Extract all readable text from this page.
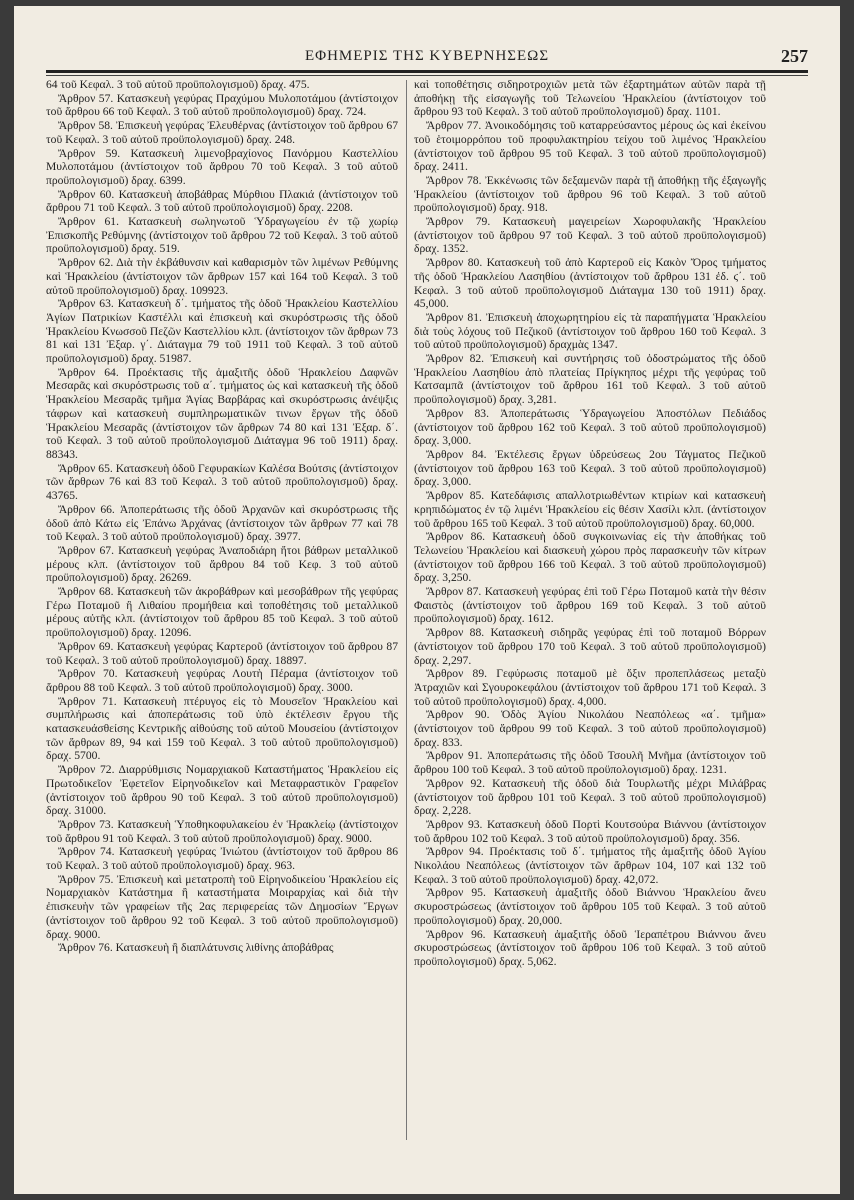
ΕΦΗΜΕΡΙΣ ΤΗΣ ΚΥΒΕΡΝΗΣΕΩΣ	257

64 τοῦ Κεφαλ. 3 τοῦ αὐτοῦ προϋπολογισμοῦ) δραχ. 475.

Ἄρθρον 57. Κατασκευὴ γεφύρας Πραχύμου Μυλοποτάμου (ἀντίστοιχον τοῦ ἄρθρου 66 τοῦ Κεφαλ. 3 τοῦ αὐτοῦ προϋπολογισμοῦ) δραχ. 724.

Ἄρθρον 58. Ἐπισκευὴ γεφύρας Ἐλευθέρνας (ἀντίστοιχον τοῦ ἄρθρου 67 τοῦ Κεφαλ. 3 τοῦ αὐτοῦ προϋπολογισμοῦ) δραχ. 248.

Ἄρθρον 59. Κατασκευὴ λιμενοβραχίονος Πανόρμου Καστελλίου Μυλοποτάμου (ἀντίστοιχον τοῦ ἄρθρου 70 τοῦ Κεφαλ. 3 τοῦ αὐτοῦ προϋπολογισμοῦ) δραχ. 6399.

Ἄρθρον 60. Κατασκευὴ ἀποβάθρας Μύρθιου Πλακιά (ἀντίστοιχον τοῦ ἄρθρου 71 τοῦ Κεφαλ. 3 τοῦ αὐτοῦ προϋπολογισμοῦ) δραχ. 2208.

Ἄρθρον 61. Κατασκευὴ σωληνωτοῦ Ὑδραγωγείου ἐν τῷ χωρίῳ Ἐπισκοπῆς Ρεθύμνης (ἀντίστοιχον τοῦ ἄρθρου 72 τοῦ Κεφαλ. 3 τοῦ αὐτοῦ προϋπολογισμοῦ) δραχ. 519.

Ἄρθρον 62. Διὰ τὴν ἐκβάθυνσιν καὶ καθαρισμὸν τῶν λιμένων Ρεθύμνης καὶ Ἡρακλείου (ἀντίστοιχον τῶν ἄρθρων 157 καὶ 164 τοῦ Κεφαλ. 3 τοῦ αὐτοῦ προϋπολογισμοῦ) δραχ. 109923.

Ἄρθρον 63. Κατασκευὴ δ΄. τμήματος τῆς ὁδοῦ Ἡρακλείου Καστελλίου Ἁγίων Πατρικίων Καστέλλι καὶ ἐπισκευὴ καὶ σκυρόστρωσις τῆς ὁδοῦ Ἡρακλείου Κνωσσοῦ Πεζῶν Καστελλίου κλπ. (ἀντίστοιχον τῶν ἄρθρων 73 81 καὶ 131 Ἐξαρ. γ΄. Διάταγμα 79 τοῦ 1911 τοῦ Κεφαλ. 3 τοῦ αὐτοῦ προϋπολογισμοῦ) δραχ. 51987.

Ἄρθρον 64. Προέκτασις τῆς ἁμαξιτῆς ὁδοῦ Ἡρακλείου Δαφνῶν Μεσαρᾶς καὶ σκυρόστρωσις τοῦ α΄. τμήματος ὡς καὶ κατασκευὴ τῆς ὁδοῦ Ἡρακλείου Μεσαρᾶς τμῆμα Ἁγίας Βαρβάρας καὶ σκυρόστρωσις ἀνέψξις τάφρων καὶ κατασκευὴ συμπληρωματικῶν τινων ἔργων τῆς ὁδοῦ Ἡρακλείου Μεσαρᾶς (ἀντίστοιχον τῶν ἄρθρων 74 80 καὶ 131 Ἐξαρ. δ΄. τοῦ Κεφαλ. 3 τοῦ αὐτοῦ προϋπολογισμοῦ Διάταγμα 96 τοῦ 1911) δραχ. 88343.

Ἄρθρον 65. Κατασκευὴ ὁδοῦ Γεφυρακίων Καλέσα Βούτσις (ἀντίστοιχον τῶν ἄρθρων 76 καὶ 83 τοῦ Κεφαλ. 3 τοῦ αὐτοῦ προϋπολογισμοῦ) δραχ. 43765.

Ἄρθρον 66. Ἀποπεράτωσις τῆς ὁδοῦ Ἀρχανῶν καὶ σκυρόστρωσις τῆς ὁδοῦ ἀπὸ Κάτω εἰς Ἐπάνω Ἀρχάνας (ἀντίστοιχον τῶν ἄρθρων 77 καὶ 78 τοῦ Κεφαλ. 3 τοῦ αὐτοῦ προϋπολογισμοῦ) δραχ. 3977.

Ἄρθρον 67. Κατασκευὴ γεφύρας Ἀναποδιάρη ἤτοι βάθρων μεταλλικοῦ μέρους κλπ. (ἀντίστοιχον τοῦ ἄρθρου 84 τοῦ Κεφ. 3 τοῦ αὐτοῦ προϋπολογισμοῦ) δραχ. 26269.

Ἄρθρον 68. Κατασκευὴ τῶν ἀκροβάθρων καὶ μεσοβάθρων τῆς γεφύρας Γέρω Ποταμοῦ ἢ Λιθαίου προμήθεια καὶ τοποθέτησις τοῦ μεταλλικοῦ μέρους αὐτῆς κλπ. (ἀντίστοιχον τοῦ ἄρθρου 85 τοῦ Κεφαλ. 3 τοῦ αὐτοῦ προϋπολογισμοῦ) δραχ. 12096.

Ἄρθρον 69. Κατασκευὴ γεφύρας Καρτεροῦ (ἀντίστοιχον τοῦ ἄρθρου 87 τοῦ Κεφαλ. 3 τοῦ αὐτοῦ προϋπολογισμοῦ) δραχ. 18897.

Ἄρθρον 70. Κατασκευὴ γεφύρας Λουτὴ Πέραμα (ἀντίστοιχον τοῦ ἄρθρου 88 τοῦ Κεφαλ. 3 τοῦ αὐτοῦ προϋπολογισμοῦ) δραχ. 3000.

Ἄρθρον 71. Κατασκευὴ πτέρυγος εἰς τὸ Μουσεῖον Ἡρακλείου καὶ συμπλήρωσις καὶ ἀποπεράτωσις τοῦ ὑπὸ ἐκτέλεσιν ἔργου τῆς κατασκευάσθείσης Κεντρικῆς αἰθούσης τοῦ αὐτοῦ Μουσείου (ἀντίστοιχον τῶν ἄρθρων 89, 94 καὶ 159 τοῦ Κεφαλ. 3 τοῦ αὐτοῦ προϋπολογισμοῦ) δραχ. 5700.

Ἄρθρον 72. Διαρρύθμισις Νομαρχιακοῦ Καταστήματος Ἡρακλείου εἰς Πρωτοδικεῖον Ἐφετεῖον Εἰρηνοδικεῖον καὶ Μεταφραστικὸν Γραφεῖον (ἀντίστοιχον τοῦ ἄρθρου 90 τοῦ Κεφαλ. 3 τοῦ αὐτοῦ προϋπολογισμοῦ) δραχ. 31000.

Ἄρθρον 73. Κατασκευὴ Ὑποθηκοφυλακείου ἐν Ἡρακλείῳ (ἀντίστοιχον τοῦ ἄρθρου 91 τοῦ Κεφαλ. 3 τοῦ αὐτοῦ προϋπολογισμοῦ) δραχ. 9000.

Ἄρθρον 74. Κατασκευὴ γεφύρας Ἰνιώτου (ἀντίστοιχον τοῦ ἄρθρου 86 τοῦ Κεφαλ. 3 τοῦ αὐτοῦ προϋπολογισμοῦ) δραχ. 963.

Ἄρθρον 75. Ἐπισκευὴ καὶ μετατροπὴ τοῦ Εἰρηνοδικείου Ἡρακλείου εἰς Νομαρχιακὸν Κατάστημα ἢ καταστήματα Μοιραρχίας καὶ διὰ τὴν ἐπισκευὴν τῶν γραφείων τῆς 2ας περιφερείας τῶν Δημοσίων Ἔργων (ἀντίστοιχον τοῦ ἄρθρου 92 τοῦ Κεφαλ. 3 τοῦ αὐτοῦ προϋπολογισμοῦ) δραχ. 9000.

Ἄρθρον 76. Κατασκευὴ ἢ διαπλάτυνσις λιθίνης ἀποβάθρας

καὶ τοποθέτησις σιδηροτροχιῶν μετὰ τῶν ἐξαρτημάτων αὐτῶν παρὰ τῇ ἀποθήκῃ τῆς εἰσαγωγῆς τοῦ Τελωνείου Ἡρακλείου (ἀντίστοιχον τοῦ ἄρθρου 93 τοῦ Κεφαλ. 3 τοῦ αὐτοῦ προϋπολογισμοῦ) δραχ. 1101.

Ἄρθρον 77. Ἀνοικοδόμησις τοῦ καταρρεύσαντος μέρους ὡς καὶ ἐκείνου τοῦ ἑτοιμορρόπου τοῦ προφυλακτηρίου τείχου τοῦ λιμένος Ἡρακλείου (ἀντίστοιχον τοῦ ἄρθρου 95 τοῦ Κεφαλ. 3 τοῦ αὐτοῦ προϋπολογισμοῦ) δραχ. 2411.

Ἄρθρον 78. Ἐκκένωσις τῶν δεξαμενῶν παρὰ τῇ ἀποθήκῃ τῆς ἐξαγωγῆς Ἡρακλείου (ἀντίστοιχον τοῦ ἄρθρου 96 τοῦ Κεφαλ. 3 τοῦ αὐτοῦ προϋπολογισμοῦ) δραχ. 918.

Ἄρθρον 79. Κατασκευὴ μαγειρείων Χωροφυλακῆς Ἡρακλείου (ἀντίστοιχον τοῦ ἄρθρου 97 τοῦ Κεφαλ. 3 τοῦ αὐτοῦ προϋπολογισμοῦ) δραχ. 1352.

Ἄρθρον 80. Κατασκευὴ τοῦ ἀπὸ Καρτεροῦ εἰς Κακὸν Ὄρος τμήματος τῆς ὁδοῦ Ἡρακλείου Λασηθίου (ἀντίστοιχον τοῦ ἄρθρου 131 ἐδ. ϛ΄. τοῦ Κεφαλ. 3 τοῦ αὐτοῦ προϋπολογισμοῦ Διάταγμα 130 τοῦ 1911) δραχ. 45,000.

Ἄρθρον 81. Ἐπισκευὴ ἀποχωρητηρίου εἰς τὰ παραπήγματα Ἡρακλείου διὰ τοὺς λόχους τοῦ Πεζικοῦ (ἀντίστοιχον τοῦ ἄρθρου 160 τοῦ Κεφαλ. 3 τοῦ αὐτοῦ προϋπολογισμοῦ) δραχμὰς 1347.

Ἄρθρον 82. Ἐπισκευὴ καὶ συντήρησις τοῦ ὁδοστρώματος τῆς ὁδοῦ Ἡρακλείου Λασηθίου ἀπὸ πλατείας Πρίγκηπος μέχρι τῆς γεφύρας τοῦ Κατσαμπᾶ (ἀντίστοιχον τοῦ ἄρθρου 161 τοῦ Κεφαλ. 3 τοῦ αὐτοῦ προϋπολογισμοῦ) δραχ. 3,281.

Ἄρθρον 83. Ἀποπεράτωσις Ὑδραγωγείου Ἀποστόλων Πεδιάδος (ἀντίστοιχον τοῦ ἄρθρου 162 τοῦ Κεφαλ. 3 τοῦ αὐτοῦ προϋπολογισμοῦ) δραχ. 3,000.

Ἄρθρον 84. Ἐκτέλεσις ἔργων ὑδρεύσεως 2ου Τάγματος Πεζικοῦ (ἀντίστοιχον τοῦ ἄρθρου 163 τοῦ Κεφαλ. 3 τοῦ αὐτοῦ προϋπολογισμοῦ) δραχ. 3,000.

Ἄρθρον 85. Κατεδάφισις απαλλοτριωθέντων κτιρίων καὶ κατασκευὴ κρηπιδώματος ἐν τῷ λιμένι Ἡρακλείου εἰς θέσιν Χασίλι κλπ. (ἀντίστοιχον τοῦ ἄρθρου 165 τοῦ Κεφαλ. 3 τοῦ αὐτοῦ προϋπολογισμοῦ) δραχ. 60,000.

Ἄρθρον 86. Κατασκευὴ ὁδοῦ συγκοινωνίας εἰς τὴν ἀποθήκας τοῦ Τελωνείου Ἡρακλείου καὶ διασκευὴ χώρου πρὸς παρασκευὴν τῶν κίτρων (ἀντίστοιχον τοῦ ἄρθρου 166 τοῦ Κεφαλ. 3 τοῦ αὐτοῦ προϋπολογισμοῦ) δραχ. 3,250.

Ἄρθρον 87. Κατασκευὴ γεφύρας ἐπὶ τοῦ Γέρω Ποταμοῦ κατὰ τὴν θέσιν Φαιστὸς (ἀντίστοιχον τοῦ ἄρθρου 169 τοῦ Κεφαλ. 3 τοῦ αὐτοῦ προϋπολογισμοῦ) δραχ. 1612.

Ἄρθρον 88. Κατασκευὴ σιδηρᾶς γεφύρας ἐπὶ τοῦ ποταμοῦ Βόρρων (ἀντίστοιχον τοῦ ἄρθρου 170 τοῦ Κεφαλ. 3 τοῦ αὐτοῦ προϋπολογισμοῦ) δραχ. 2,297.

Ἄρθρον 89. Γεφύρωσις ποταμοῦ μὲ ὄξιν προπεπλάσεως μεταξὺ Ἀτραχιῶν καὶ Σγουροκεφάλου (ἀντίστοιχον τοῦ ἄρθρου 171 τοῦ Κεφαλ. 3 τοῦ αὐτοῦ προϋπολογισμοῦ) δραχ. 4,000.

Ἄρθρον 90. Ὁδὸς Ἁγίου Νικολάου Νεαπόλεως «α΄. τμῆμα» (ἀντίστοιχον τοῦ ἄρθρου 99 τοῦ Κεφαλ. 3 τοῦ αὐτοῦ προϋπολογισμοῦ) δραχ. 833.

Ἄρθρον 91. Ἀποπεράτωσις τῆς ὁδοῦ Τσουλῆ Μνῆμα (ἀντίστοιχον τοῦ ἄρθρου 100 τοῦ Κεφαλ. 3 τοῦ αὐτοῦ προϋπολογισμοῦ) δραχ. 1231.

Ἄρθρον 92. Κατασκευὴ τῆς ὁδοῦ διὰ Τουρλωτῆς μέχρι Μιλάβρας (ἀντίστοιχον τοῦ ἄρθρου 101 τοῦ Κεφαλ. 3 τοῦ αὐτοῦ προϋπολογισμοῦ) δραχ. 2,228.

Ἄρθρον 93. Κατασκευὴ ὁδοῦ Πορτὶ Κουτσούρα Βιάννου (ἀντίστοιχον τοῦ ἄρθρου 102 τοῦ Κεφαλ. 3 τοῦ αὐτοῦ προϋπολογισμοῦ) δραχ. 356.

Ἄρθρον 94. Προέκτασις τοῦ δ΄. τμήματος τῆς ἁμαξιτῆς ὁδοῦ Ἁγίου Νικολάου Νεαπόλεως (ἀντίστοιχον τῶν ἄρθρων 104, 107 καὶ 132 τοῦ Κεφαλ. 3 τοῦ αὐτοῦ προϋπολογισμοῦ) δραχ. 42,072.

Ἄρθρον 95. Κατασκευὴ ἁμαξιτῆς ὁδοῦ Βιάννου Ἡρακλείου ἄνευ σκυροστρώσεως (ἀντίστοιχον τοῦ ἄρθρου 105 τοῦ Κεφαλ. 3 τοῦ αὐτοῦ προϋπολογισμοῦ) δραχ. 20,000.

Ἄρθρον 96. Κατασκευὴ ἁμαξιτῆς ὁδοῦ Ἱεραπέτρου Βιάννου ἄνευ σκυροστρώσεως (ἀντίστοιχον τοῦ ἄρθρου 106 τοῦ Κεφαλ. 3 τοῦ αὐτοῦ προϋπολογισμοῦ) δραχ. 5,062.
